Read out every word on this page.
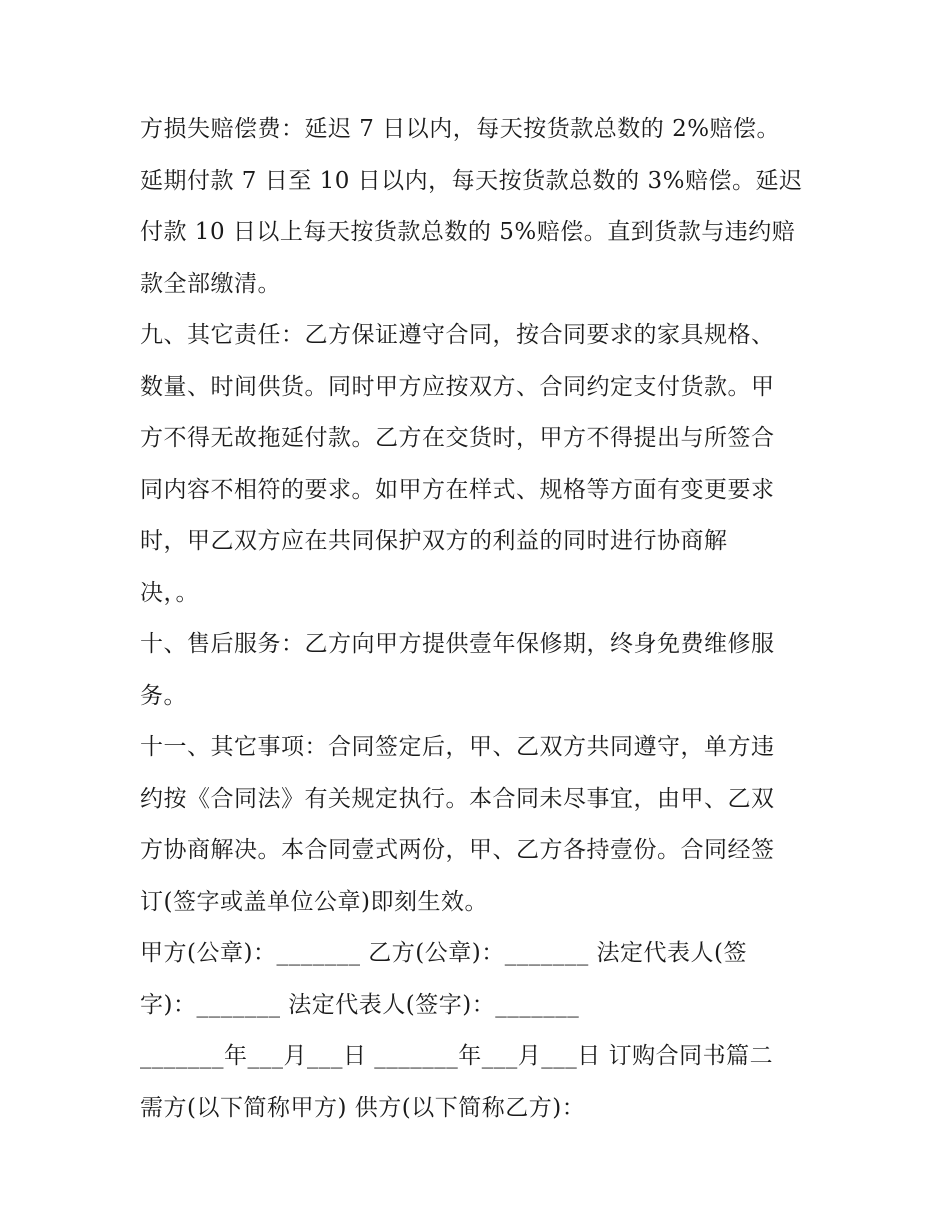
方损失赔偿费：延迟 7 日以内，每天按货款总数的 2%赔偿。
延期付款 7 日至 10 日以内，每天按货款总数的 3%赔偿。延迟
付款 10 日以上每天按货款总数的 5%赔偿。直到货款与违约赔
款全部缴清。
九、其它责任：乙方保证遵守合同，按合同要求的家具规格、
数量、时间供货。同时甲方应按双方、合同约定支付货款。甲
方不得无故拖延付款。乙方在交货时，甲方不得提出与所签合
同内容不相符的要求。如甲方在样式、规格等方面有变更要求
时，甲乙双方应在共同保护双方的利益的同时进行协商解
决，。
十、售后服务：乙方向甲方提供壹年保修期，终身免费维修服
务。
十一、其它事项：合同签定后，甲、乙双方共同遵守，单方违
约按《合同法》有关规定执行。本合同未尽事宜，由甲、乙双
方协商解决。本合同壹式两份，甲、乙方各持壹份。合同经签
订(签字或盖单位公章)即刻生效。
甲方(公章)：_______ 乙方(公章)：_______ 法定代表人(签
字)：_______ 法定代表人(签字)：_______
_______年___月___日 _______年___月___日 订购合同书篇二
需方(以下简称甲方) 供方(以下简称乙方)：
